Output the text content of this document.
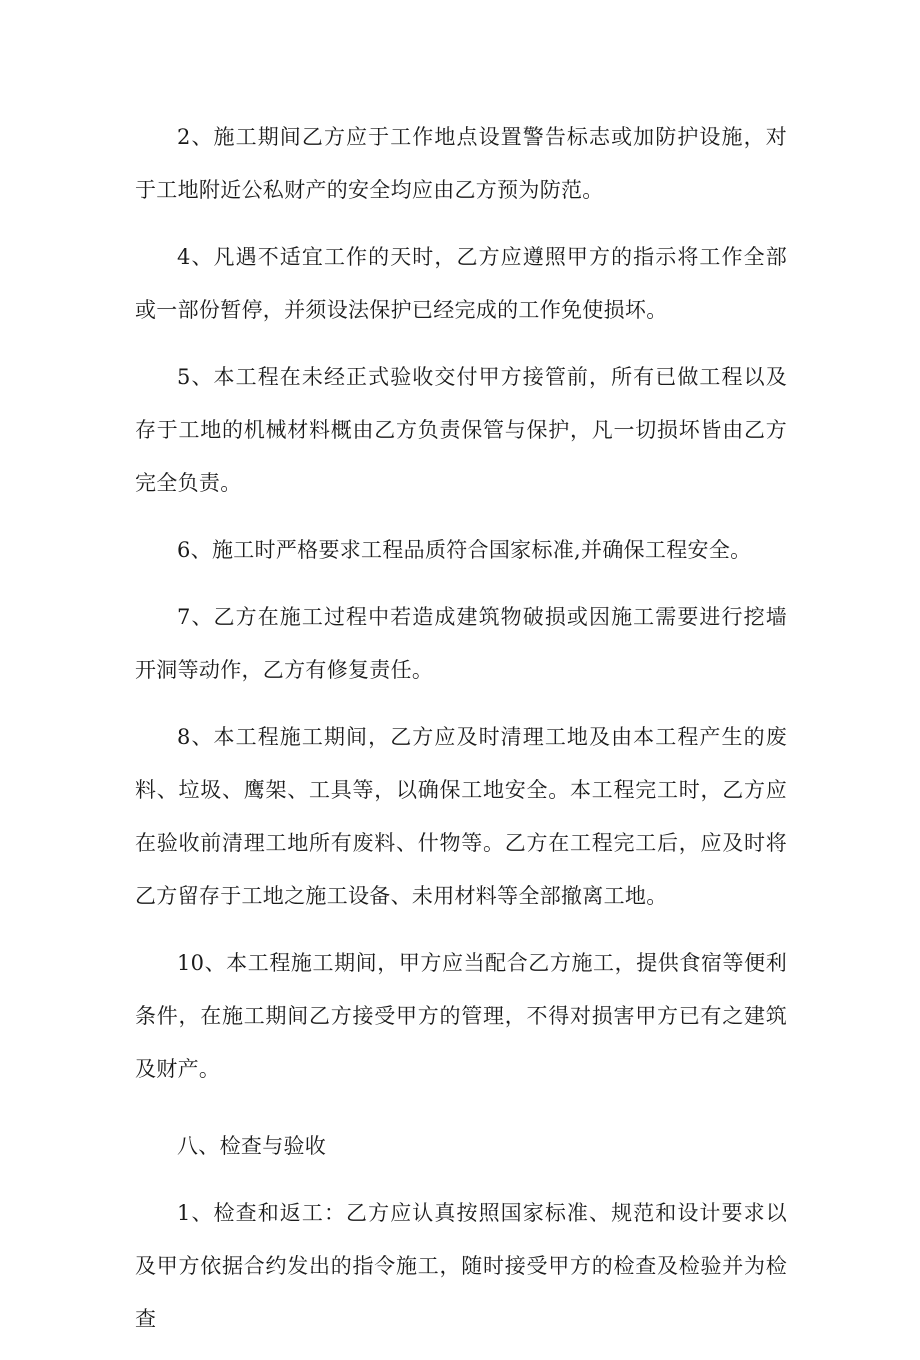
2、施工期间乙方应于工作地点设置警告标志或加防护设施，对于工地附近公私财产的安全均应由乙方预为防范。

4、凡遇不适宜工作的天时，乙方应遵照甲方的指示将工作全部或一部份暂停，并须设法保护已经完成的工作免使损坏。

5、本工程在未经正式验收交付甲方接管前，所有已做工程以及存于工地的机械材料概由乙方负责保管与保护，凡一切损坏皆由乙方完全负责。

6、施工时严格要求工程品质符合国家标准,并确保工程安全。

7、乙方在施工过程中若造成建筑物破损或因施工需要进行挖墙开洞等动作，乙方有修复责任。

8、本工程施工期间，乙方应及时清理工地及由本工程产生的废料、垃圾、鹰架、工具等，以确保工地安全。本工程完工时，乙方应在验收前清理工地所有废料、什物等。乙方在工程完工后，应及时将乙方留存于工地之施工设备、未用材料等全部撤离工地。

10、本工程施工期间，甲方应当配合乙方施工，提供食宿等便利条件，在施工期间乙方接受甲方的管理，不得对损害甲方已有之建筑及财产。

八、检查与验收

1、检查和返工：乙方应认真按照国家标准、规范和设计要求以及甲方依据合约发出的指令施工，随时接受甲方的检查及检验并为检查
